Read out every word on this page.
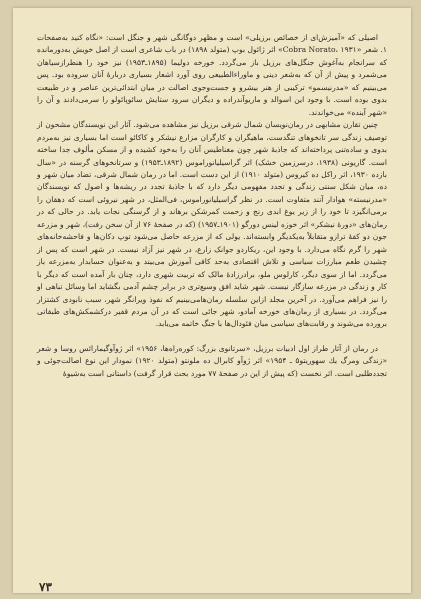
اصیلی که «آمیزش‌ای از خصائص برزیلی» است و مظهر دوگانگی شهر و جنگل است: «نگاه کنید به‌صفحات ۱. شعر «Cobra Norato، ۱۹۳۱» اثر ژائول بوپ (متولد ۱۸۹۸) در باب شاعری است از اصل خویش به‌دورمانده که سرانجام به‌آغوش جنگل‌های برزیل باز می‌گردد. خورخه دولیما (۱۸۹۵ـ۱۹۵۳) نیز خود را هنطراز‌سیاهان می‌شمرد و پیش از آن که به‌شعر دینی و ماوراءالطبیعی روی آورد اشعار بسیاری دربارهٔ آنان سروده بود. پس می‌بینیم که «مدرنیسمو» ترکیبی از هنر بیشرو و جست‌وجوی اصالت در میان ابتدائی‌ترین عناصر و در طبیعت بدوی بوده است. با وجود این اسوالد و ماریو‌آندراده و دیگران سرود ستایش سائوپائولو را سرمی‌دادند و آن را «شهر آینده» می‌خواندند.

چنین تقارن مشابهی در رمان‌نویسان شمال شرقی برزیل نیز مشاهده می‌شود. آثار این نویسندگان مشحون از توصیف زندگی سر تانخوهای تنگدست، ماهیگران و کارگران مزارع نیشکر و کاکائو است اما بسیاری نیز به‌مردم بدوی و ساده‌تنی پرداخته‌اند که جاذبهٔ شهر چون مغناطیس آنان را به‌خود کشیده و از مسکن مألوف جدا ساخته است. گاریونی (۱۹۳۸، درسرزمین خشک) اثر گراسیلیانوراموس (۱۸۹۲ـ۱۹۵۳) و سرتانخوهای گرسنه در «سال بازده ۱۹۳۰، اثر راکل ده کیروس (متولد ۱۹۱۰) از این دست است. اما در رمان شمال شرقی، تضاد میان شهر و ده، میان شکل سنتی زندگی و تجدد مفهومی دیگر دارد که با جاذبهٔ تجدد در ریشه‌ها و اصول که نویسندگان «مدرنیسته» هوادار آنند متفاوت است. در نظر گراسیلیانوراموس، فی‌المثل، در شهر نیروئی است که دهقان را برمی‌انگیزد تا خود را از زیر یوغ ابدی رنج و زحمت کمرشکن برهاند و از گرسنگی نجات یابد. در حالی که در رمان‌های «دورهٔ نیشکر» اثر خوزه لینس دورگو (۱۹۰۱ـ۱۹۵۷) (که در صفحهٔ ۷۶ از آن سخن رفت)، شهر و مزرعه جون دو کفهٔ ترازو متقابلاً به‌یکدیگر وابسته‌اند. یولی که از مزرعه حاصل می‌شود توپ دکان‌ها و فاحشه‌خانه‌های شهر را گرم نگاه می‌دارد. با وجود این، ریکاردو جوانک زارع، در شهر نیز آزاد نیست. در شهر است که پس از چشیدن طعم مبارزات سیاسی و تلاش اقتصادی به‌حد کافی آموزش می‌بیند و به‌عنوان حسابدار به‌مزرعه باز می‌گردد. اما از سوی دیگر، کارلوس ملو، برادرزادهٔ مالک که تربیت شهری دارد، چنان بار آمده است که دیگر با کار و زندگی در مزرعه سازگار نیست. شهر شاید افق وسیع‌تری در برابر چشم آدمی بگشاید اما وسائل تباهی او را نیز فراهم می‌آورد. در آخرین مجلد ازاین سلسله رمان‌هامی‌بینیم که نفوذ ویرانگر شهر، سبب نابودی کشتزار می‌گردد. در بسیاری از رمان‌های خورخه آمادو، شهر جائی است که در آن مردم قفیر درکشمکش‌های طبقاتی برورده می‌شوند و رقابت‌های سیاسی میان فئودال‌ها با جنگ خاتمه می‌یابد.

در رمان از آثار طراز اول ادبیات برزیل، «سرتانوی بزرگ: کوره‌راه‌ها، ۱۹۵۶» اثر ژوآو‌گیمارائس روسا و شعر «زندگی ومرگ یك سهوریتو‌۵ ـ ۱۹۵۴» اثر ژوآو کابرال ده ملونتو (متولد ۱۹۲۰) نمودار این نوع اصالت‌جوئی و تجددطلبی است. اثر نخست (که پیش از این در صفحهٔ ۷۷ مورد بحث قرار گرفت) داستانی است به‌شیوهٔ

۷۳
